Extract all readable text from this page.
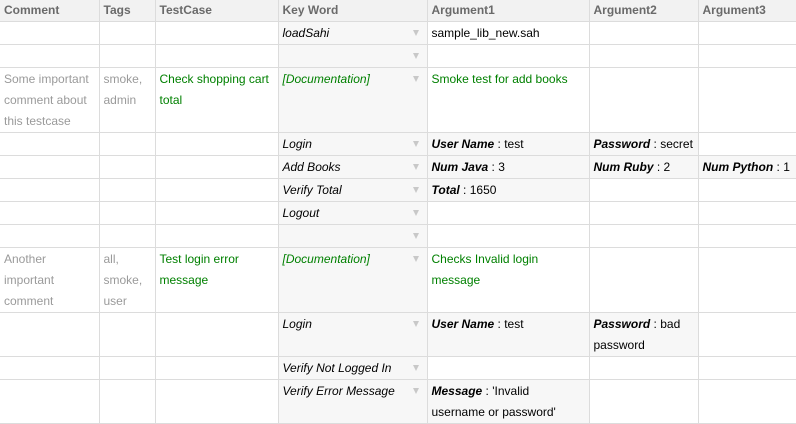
Comment	Tags	TestCase	Key Word	Argument1	Argument2	Argument3
			loadSahi	sample_lib_new.sah		

Some important comment about this testcase	smoke, admin	Check shopping cart total	[Documentation]	Smoke test for add books		
			Login	User Name : test	Password : secret	
			Add Books	Num Java : 3	Num Ruby : 2	Num Python : 1
			Verify Total	Total : 1650		
			Logout

Another important comment	all, smoke, user	Test login error message	[Documentation]	Checks Invalid login message		
			Login	User Name : test	Password : bad password	
			Verify Not Logged In

			Verify Error Message	Message : 'Invalid username or password'		
